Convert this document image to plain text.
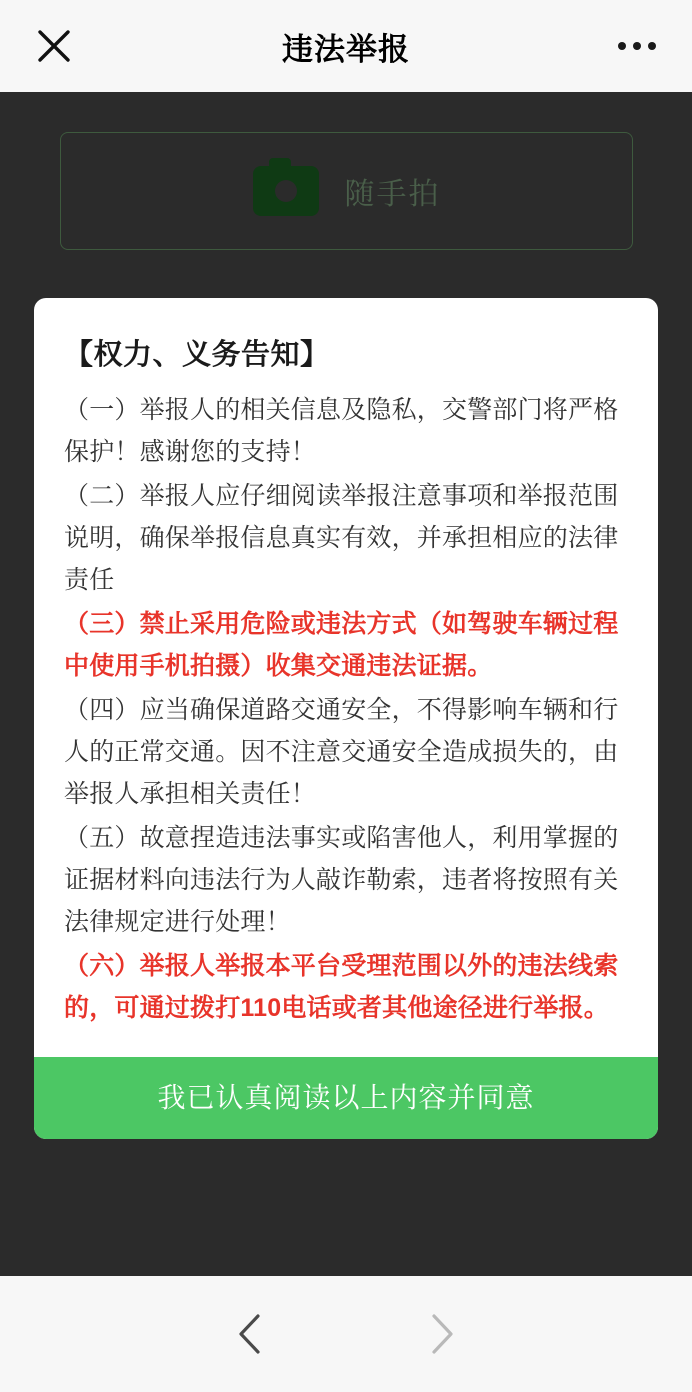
违法举报
随手拍
【权力、义务告知】

（一）举报人的相关信息及隐私，交警部门将严格保护！感谢您的支持！

（二）举报人应仔细阅读举报注意事项和举报范围说明，确保举报信息真实有效，并承担相应的法律责任

（三）禁止采用危险或违法方式（如驾驶车辆过程中使用手机拍摄）收集交通违法证据。

（四）应当确保道路交通安全，不得影响车辆和行人的正常交通。因不注意交通安全造成损失的，由举报人承担相关责任！

（五）故意捏造违法事实或陷害他人，利用掌握的证据材料向违法行为人敲诈勒索，违者将按照有关法律规定进行处理！

（六）举报人举报本平台受理范围以外的违法线索的，可通过拨打110电话或者其他途径进行举报。

我已认真阅读以上内容并同意
